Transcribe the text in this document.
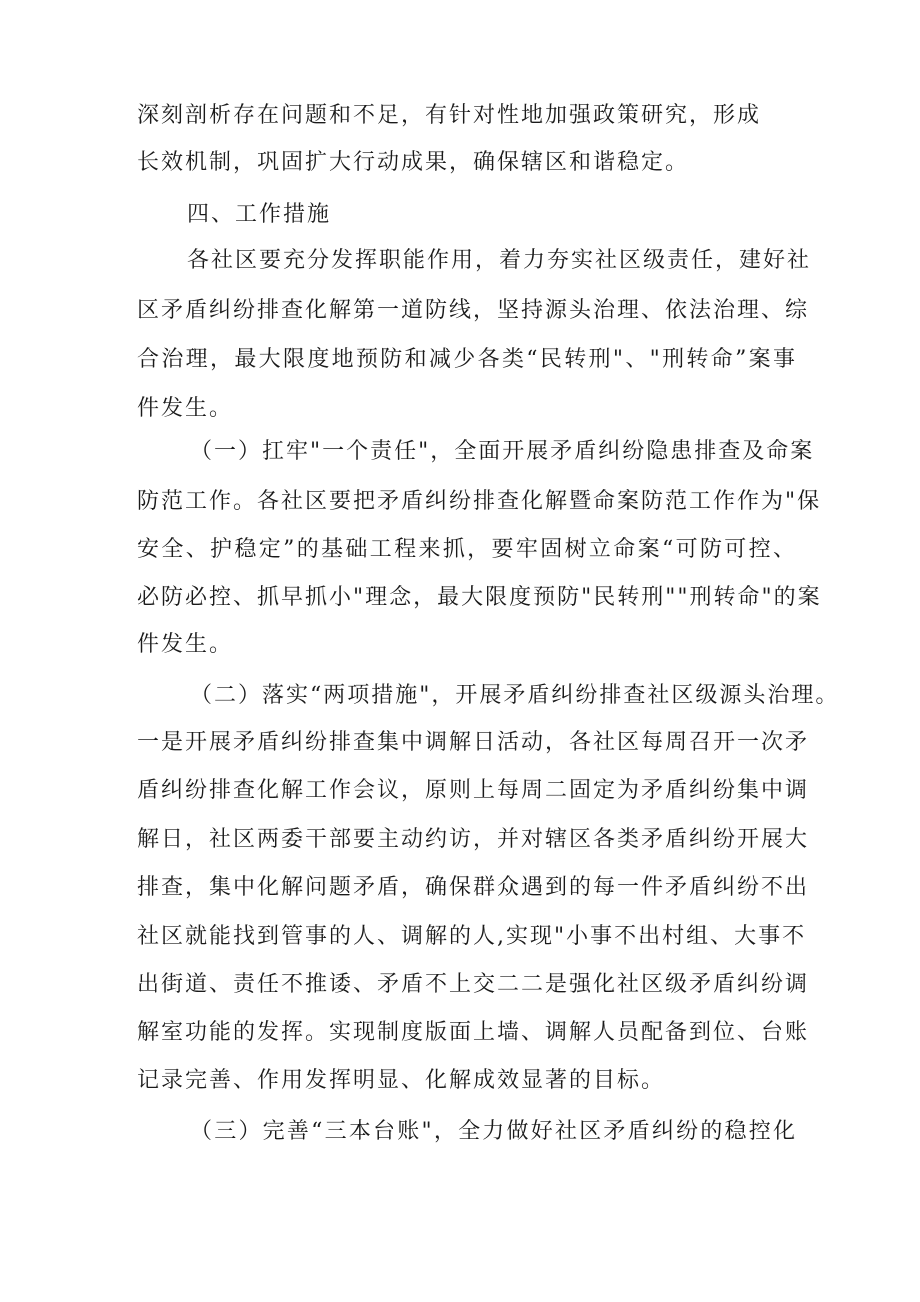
深刻剖析存在问题和不足，有针对性地加强政策研究，形成
长效机制，巩固扩大行动成果，确保辖区和谐稳定。
四、工作措施
各社区要充分发挥职能作用，着力夯实社区级责任，建好社
区矛盾纠纷排查化解第一道防线，坚持源头治理、依法治理、综
合治理，最大限度地预防和减少各类“民转刑"、"刑转命”案事
件发生。
（一）扛牢"一个责任"，全面开展矛盾纠纷隐患排查及命案
防范工作。各社区要把矛盾纠纷排查化解暨命案防范工作作为"保
安全、护稳定”的基础工程来抓，要牢固树立命案“可防可控、
必防必控、抓早抓小"理念，最大限度预防"民转刑""刑转命"的案
件发生。
（二）落实“两项措施"，开展矛盾纠纷排查社区级源头治理。
一是开展矛盾纠纷排查集中调解日活动，各社区每周召开一次矛
盾纠纷排查化解工作会议，原则上每周二固定为矛盾纠纷集中调
解日，社区两委干部要主动约访，并对辖区各类矛盾纠纷开展大
排查，集中化解问题矛盾，确保群众遇到的每一件矛盾纠纷不出
社区就能找到管事的人、调解的人,实现"小事不出村组、大事不
出街道、责任不推诿、矛盾不上交二二是强化社区级矛盾纠纷调
解室功能的发挥。实现制度版面上墙、调解人员配备到位、台账
记录完善、作用发挥明显、化解成效显著的目标。
（三）完善“三本台账"，全力做好社区矛盾纠纷的稳控化
